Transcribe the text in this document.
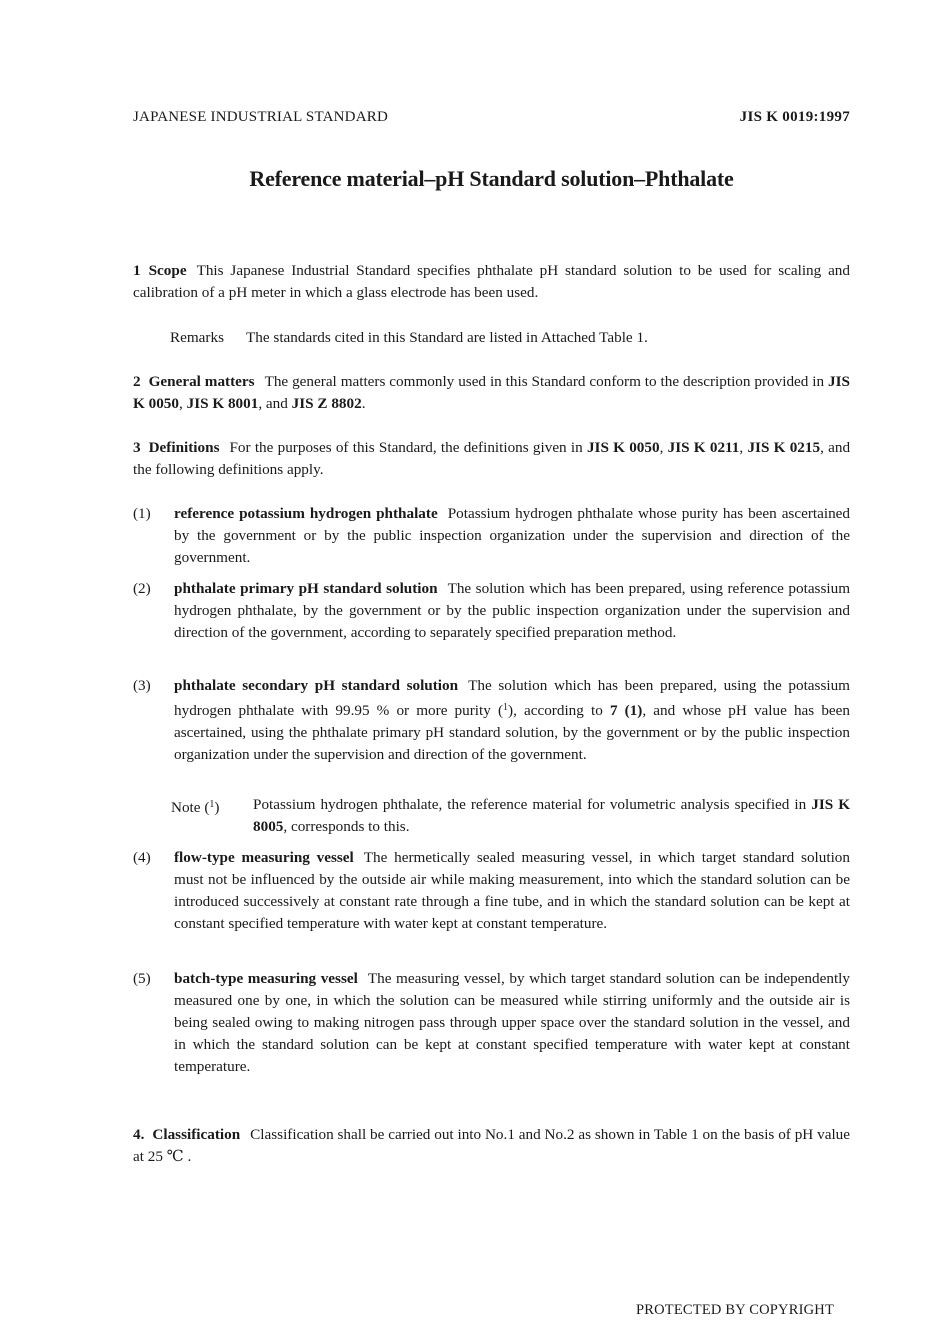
JAPANESE INDUSTRIAL STANDARD	JIS K 0019:1997
Reference material–pH Standard solution–Phthalate
1 Scope This Japanese Industrial Standard specifies phthalate pH standard solution to be used for scaling and calibration of a pH meter in which a glass electrode has been used.
Remarks The standards cited in this Standard are listed in Attached Table 1.
2 General matters The general matters commonly used in this Standard conform to the description provided in JIS K 0050, JIS K 8001, and JIS Z 8802.
3 Definitions For the purposes of this Standard, the definitions given in JIS K 0050, JIS K 0211, JIS K 0215, and the following definitions apply.
(1) reference potassium hydrogen phthalate Potassium hydrogen phthalate whose purity has been ascertained by the government or by the public inspection organization under the supervision and direction of the government.
(2) phthalate primary pH standard solution The solution which has been prepared, using reference potassium hydrogen phthalate, by the government or by the public inspection organization under the supervision and direction of the government, according to separately specified preparation method.
(3) phthalate secondary pH standard solution The solution which has been prepared, using the potassium hydrogen phthalate with 99.95 % or more purity ($^1$), according to 7 (1), and whose pH value has been ascertained, using the phthalate primary pH standard solution, by the government or by the public inspection organization under the supervision and direction of the government.
Note ($^1$) Potassium hydrogen phthalate, the reference material for volumetric analysis specified in JIS K 8005, corresponds to this.
(4) flow-type measuring vessel The hermetically sealed measuring vessel, in which target standard solution must not be influenced by the outside air while making measurement, into which the standard solution can be introduced successively at constant rate through a fine tube, and in which the standard solution can be kept at constant specified temperature with water kept at constant temperature.
(5) batch-type measuring vessel The measuring vessel, by which target standard solution can be independently measured one by one, in which the solution can be measured while stirring uniformly and the outside air is being sealed owing to making nitrogen pass through upper space over the standard solution in the vessel, and in which the standard solution can be kept at constant specified temperature with water kept at constant temperature.
4. Classification Classification shall be carried out into No.1 and No.2 as shown in Table 1 on the basis of pH value at 25 ℃ .
PROTECTED BY COPYRIGHT
